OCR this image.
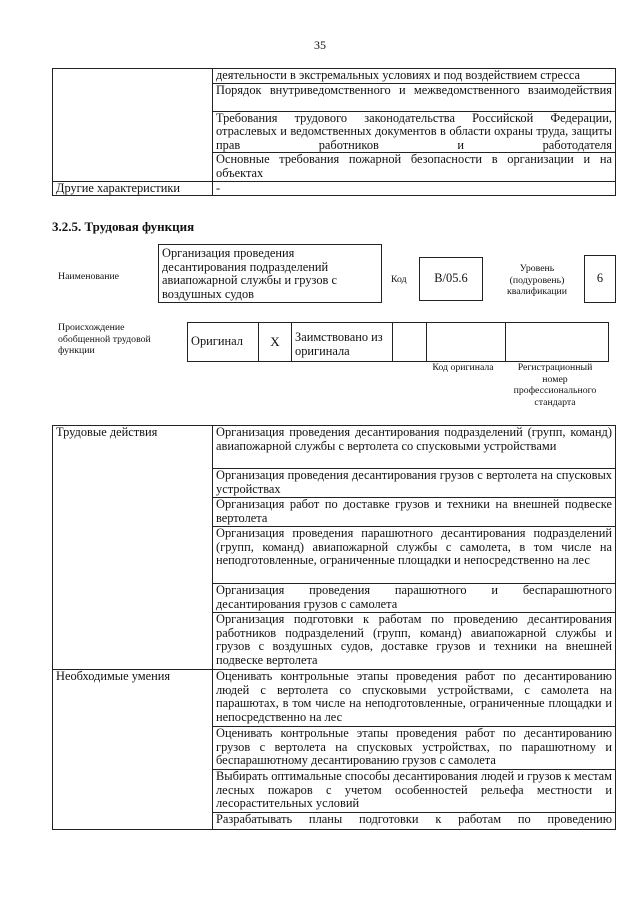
35
	деятельности в экстремальных условиях и под воздействием стресса
	Порядок внутриведомственного и межведомственного взаимодействия
	Требования трудового законодательства Российской Федерации, отраслевых и ведомственных документов в области охраны труда, защиты прав работников и работодателя
	Основные требования пожарной безопасности в организации и на объектах
Другие характеристики	-
3.2.5. Трудовая функция
Наименование
Организация проведения десантирования подразделений авиапожарной службы и грузов с воздушных судов
Код	B/05.6
Уровень (подуровень) квалификации
6
Происхождение обобщенной трудовой функции
Оригинал	X	Заимствовано из оригинала			
Код оригинала	Регистрационный номер профессионального стандарта
Трудовые действия	Организация проведения десантирования подразделений (групп, команд) авиапожарной службы с вертолета со спусковыми устройствами
	Организация проведения десантирования грузов с вертолета на спусковых устройствах
	Организация работ по доставке грузов и техники на внешней подвеске вертолета
	Организация проведения парашютного десантирования подразделений (групп, команд) авиапожарной службы с самолета, в том числе на неподготовленные, ограниченные площадки и непосредственно на лес
	Организация проведения парашютного и беспарашютного десантирования грузов с самолета
	Организация подготовки к работам по проведению десантирования работников подразделений (групп, команд) авиапожарной службы и грузов с воздушных судов, доставке грузов и техники на внешней подвеске вертолета
Необходимые умения	Оценивать контрольные этапы проведения работ по десантированию людей с вертолета со спусковыми устройствами, с самолета на парашютах, в том числе на неподготовленные, ограниченные площадки и непосредственно на лес
	Оценивать контрольные этапы проведения работ по десантированию грузов с вертолета на спусковых устройствах, по парашютному и беспарашютному десантированию грузов с самолета
	Выбирать оптимальные способы десантирования людей и грузов к местам лесных пожаров с учетом особенностей рельефа местности и лесорастительных условий
	Разрабатывать планы подготовки к работам по проведению
